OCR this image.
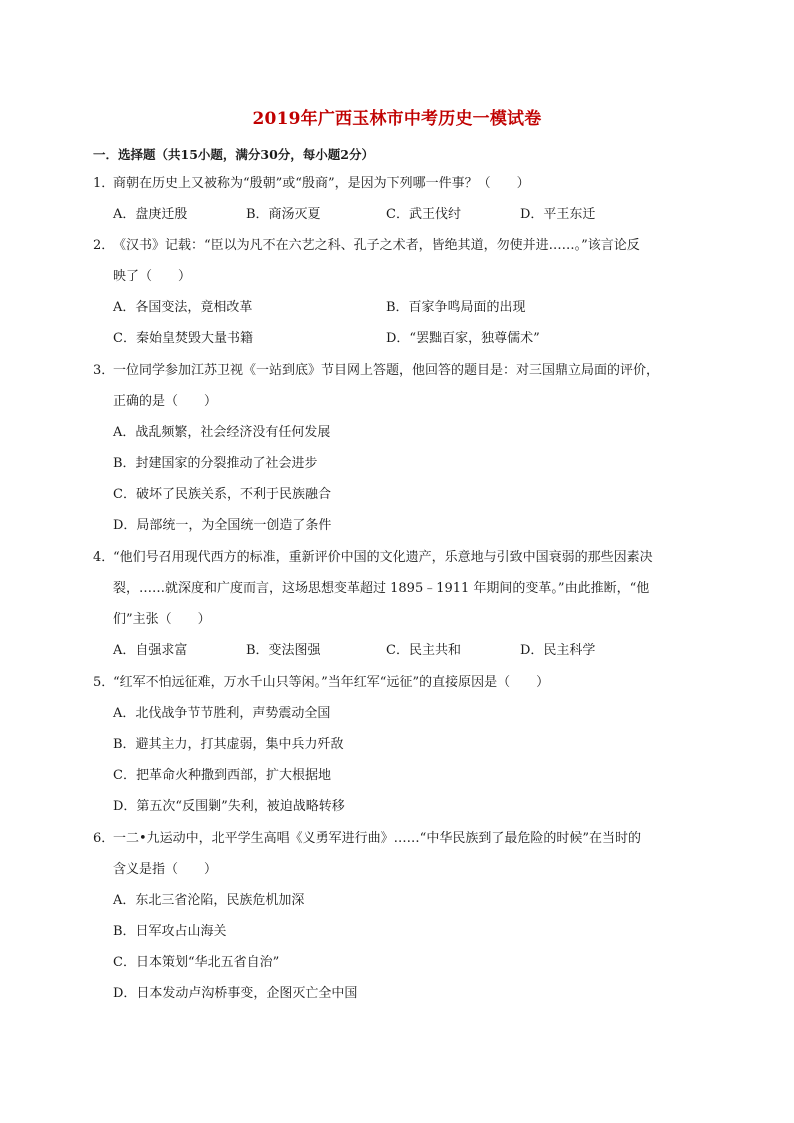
2019年广西玉林市中考历史一模试卷
一．选择题（共15小题，满分30分，每小题2分）
1．商朝在历史上又被称为“殷朝”或“殷商”，是因为下列哪一件事？（　　）
A．盘庚迁殷	B．商汤灭夏	C．武王伐纣	D．平王东迁
2．《汉书》记载：“臣以为凡不在六艺之科、孔子之术者，皆绝其道，勿使并进……。”该言论反
映了（　　）
A．各国变法，竟相改革	B．百家争鸣局面的出现
C．秦始皇焚毁大量书籍	D．“罢黜百家，独尊儒术”
3．一位同学参加江苏卫视《一站到底》节目网上答题，他回答的题目是：对三国鼎立局面的评价，
正确的是（　　）
A．战乱频繁，社会经济没有任何发展
B．封建国家的分裂推动了社会进步
C．破坏了民族关系，不利于民族融合
D．局部统一，为全国统一创造了条件
4．“他们号召用现代西方的标准，重新评价中国的文化遗产，乐意地与引致中国衰弱的那些因素决
裂，……就深度和广度而言，这场思想变革超过 1895﹣1911 年期间的变革。”由此推断，“他
们”主张（　　）
A．自强求富	B．变法图强	C．民主共和	D．民主科学
5．“红军不怕远征难，万水千山只等闲。”当年红军“远征”的直接原因是（　　）
A．北伐战争节节胜利，声势震动全国
B．避其主力，打其虚弱，集中兵力歼敌
C．把革命火种撒到西部，扩大根据地
D．第五次“反围剿”失利，被迫战略转移
6．一二•九运动中，北平学生高唱《义勇军进行曲》……“中华民族到了最危险的时候”在当时的
含义是指（　　）
A．东北三省沦陷，民族危机加深
B．日军攻占山海关
C．日本策划“华北五省自治”
D．日本发动卢沟桥事变，企图灭亡全中国
